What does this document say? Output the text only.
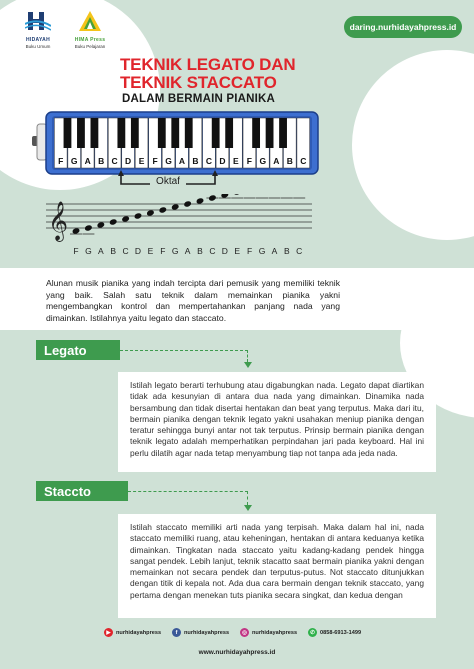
HIDAYAH
Buku Umum
HIMA Press
Buku Pelajaran
daring.nurhidayahpress.id
TEKNIK LEGATO DAN
TEKNIK STACCATO
DALAM BERMAIN PIANIKA
F G A B C D E F G A B C D E F G A B C
Oktaf
𝄞
F G A B C D E F G A B C D E F G A B C
Alunan musik pianika yang indah tercipta dari pemusik yang memiliki teknik yang baik. Salah satu teknik dalam memainkan pianika yakni mengembangkan kontrol dan mempertahankan panjang nada yang dimainkan. Istilahnya yaitu legato dan staccato.
Legato

Istilah legato berarti terhubung atau digabungkan nada. Legato dapat diartikan tidak ada kesunyian di antara dua nada yang dimainkan. Dinamika nada bersambung dan tidak disertai hentakan dan beat yang terputus. Maka dari itu, bermain pianika dengan teknik legato yakni usahakan meniup pianika dengan teratur sehingga bunyi antar not tak terputus. Prinsip bermain pianika dengan teknik legato adalah memperhatikan perpindahan jari pada keyboard. Hal ini perlu dilatih agar nada tetap menyambung tiap not tanpa ada jeda nada.

Staccto

Istilah staccato memiliki arti nada yang terpisah. Maka dalam hal ini, nada staccato memiliki ruang, atau keheningan, hentakan di antara keduanya ketika dimainkan. Tingkatan nada staccato yaitu kadang-kadang pendek hingga sangat pendek. Lebih lanjut, teknik stacatto saat bermain pianika yakni dengan memainkan not secara pendek dan terputus-putus. Not staccato ditunjukkan dengan titik di kepala not. Ada dua cara bermain dengan teknik staccato, yang pertama dengan menekan tuts pianika secara singkat, dan kedua dengan

▶ nurhidayahpress	f	nurhidayahpress	◎ nurhidayahpress	✆ 0858-6913-1499
www.nurhidayahpress.id
